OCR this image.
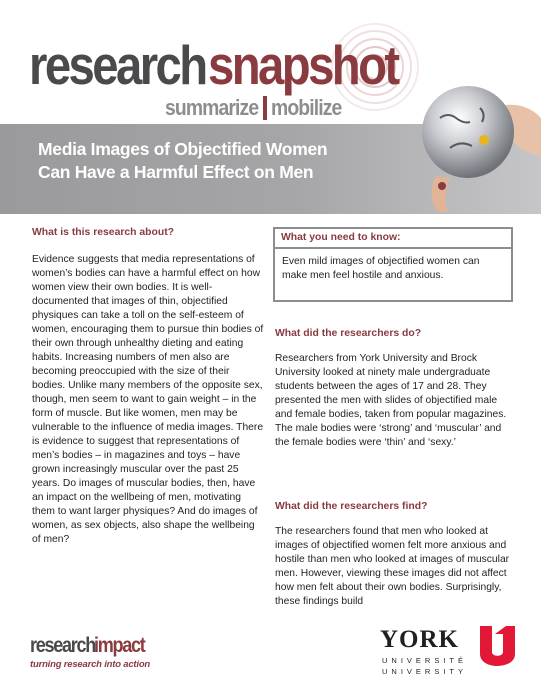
research snapshot
summarize mobilize
Media Images of Objectified Women
Can Have a Harmful Effect on Men
What is this research about?

Evidence suggests that media representations of women’s bodies can have a harmful effect on how women view their own bodies. It is well-documented that images of thin, objectified physiques can take a toll on the self-esteem of women, encouraging them to pursue thin bodies of their own through unhealthy dieting and eating habits. Increasing numbers of men also are becoming preoccupied with the size of their bodies. Unlike many members of the opposite sex, though, men seem to want to gain weight – in the form of muscle. But like women, men may be vulnerable to the influence of media images. There is evidence to suggest that representations of men’s bodies – in magazines and toys – have grown increasingly muscular over the past 25 years. Do images of muscular bodies, then, have an impact on the wellbeing of men, motivating them to want larger physiques? And do images of women, as sex objects, also shape the wellbeing of men?

What you need to know:

Even mild images of objectified women can make men feel hostile and anxious.

What did the researchers do?

Researchers from York University and Brock University looked at ninety male undergraduate students between the ages of 17 and 28. They presented the men with slides of objectified male and female bodies, taken from popular magazines. The male bodies were ‘strong’ and ‘muscular’ and the female bodies were ‘thin’ and ‘sexy.’

What did the researchers find?

The researchers found that men who looked at images of objectified women felt more anxious and hostile than men who looked at images of muscular men. However, viewing these images did not affect how men felt about their own bodies. Surprisingly, these findings build

research
impact
turning research into action
YORK
UNIVERSITÉ
UNIVERSITY
